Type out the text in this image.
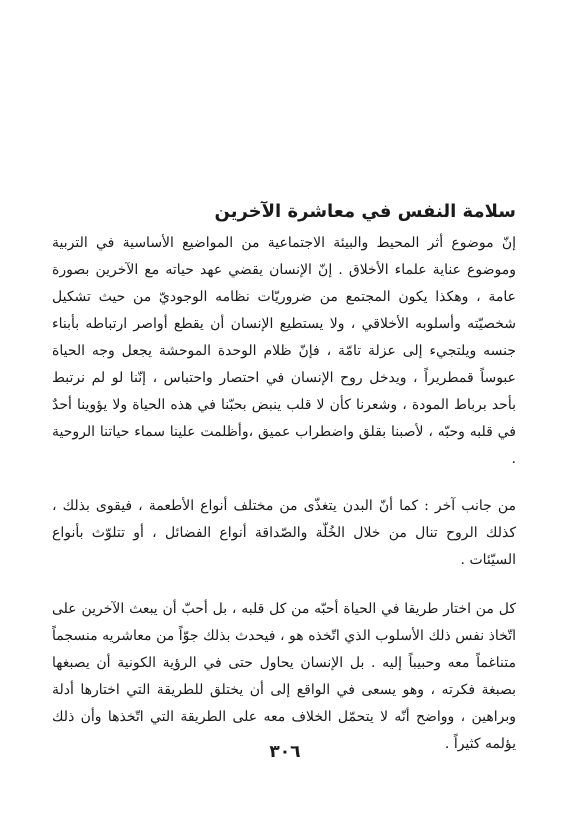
سلامة النفس في معاشرة الآخرين

إنّ موضوع أثر المحيط والبيئة الاجتماعية من المواضيع الأساسية في التربية وموضوع عناية علماء الأخلاق . إنّ الإنسان يقضي عهد حياته مع الآخرين بصورة عامة ، وهكذا يكون المجتمع من ضروريّات نظامه الوجوديّ من حيث تشكيل شخصيّته وأسلوبه الأخلاقي ، ولا يستطيع الإنسان أن يقطع أواصر ارتباطه بأبناء جنسه ويلتجيء إلى عزلة تامّة ، فإنّ ظلام الوحدة الموحشة يجعل وجه الحياة عبوساً قمطريراً ، ويدخل روح الإنسان في احتصار واحتباس ، إنّنا لو لم نرتبط بأحد برباط المودة ، وشعرنا كأن لا قلب ينبض بحبّنا في هذه الحياة ولا يؤوينا أحدٌ في قلبه وحبّه ، لأصبنا بقلق واضطراب عميق ،وأظلمت علينا سماء حياتنا الروحية .

من جانب آخر : كما أنّ البدن يتغذّى من مختلف أنواع الأطعمة ، فيقوى بذلك ، كذلك الروح تنال من خلال الخُلّة والصّداقة أنواع الفضائل ، أو تتلوّث بأنواع السيّئات .

كل من اختار طريقا في الحياة أحبّه من كل قلبه ، بل أحبّ أن يبعث الآخرين على اتّخاذ نفس ذلك الأسلوب الذي اتّخذه هو ، فيحدث بذلك جوّاً من معاشريه منسجماً متناغماً معه وحبيباً إليه . بل الإنسان يحاول حتى في الرؤية الكونية أن يصبغها بصبغة فكرته ، وهو يسعى في الواقع إلى أن يختلق للطريقة التي اختارها أدلة وبراهين ، وواضح أنّه لا يتحمّل الخلاف معه على الطريقة التي اتّخذها وأن ذلك يؤلمه كثيراً .

٣٠٦
